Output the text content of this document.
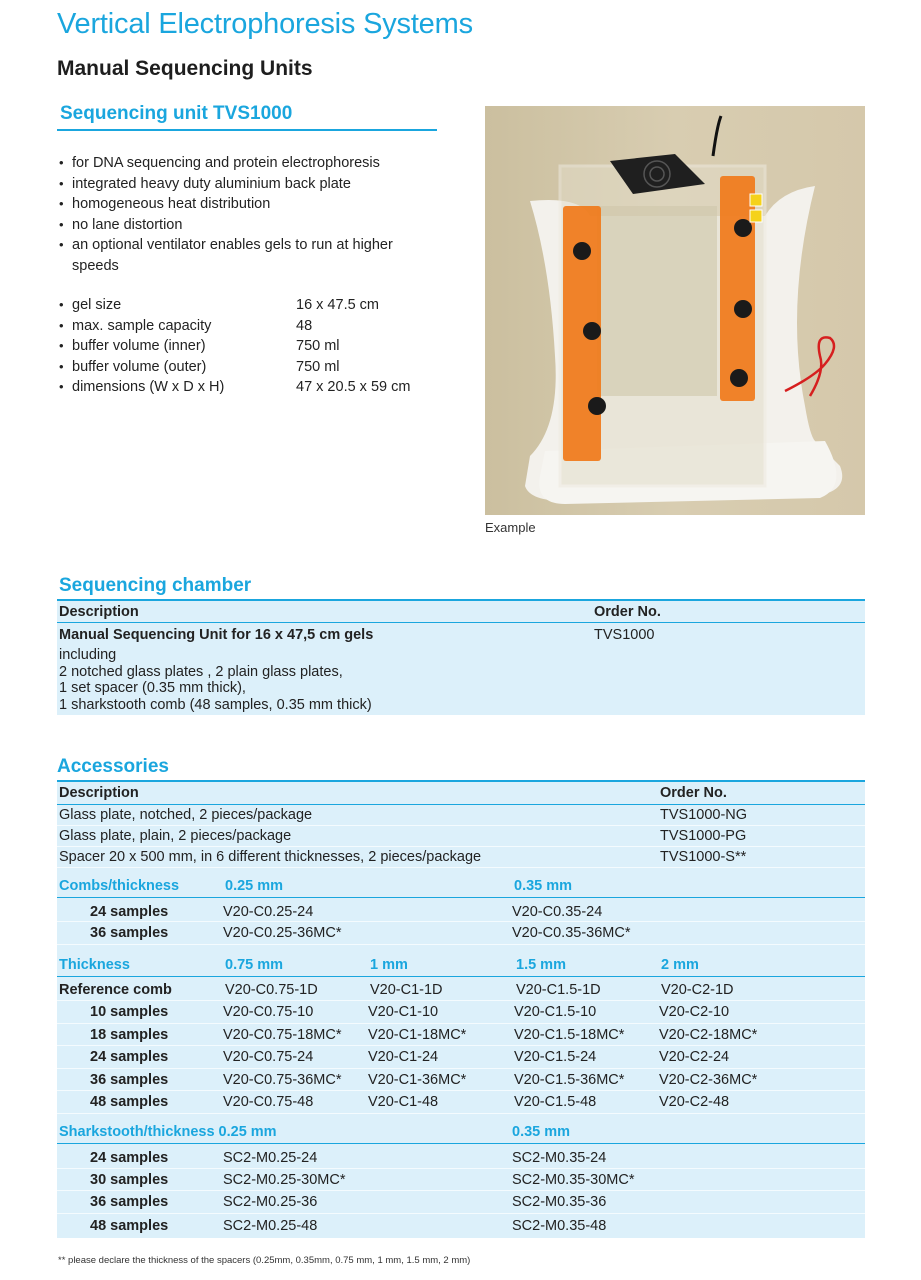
Vertical Electrophoresis Systems
Manual Sequencing Units
Sequencing unit TVS1000
• for DNA sequencing and protein electrophoresis
• integrated heavy duty aluminium back plate
• homogeneous heat distribution
• no lane distortion
• an optional ventilator enables gels to run at higher speeds
• gel size	16 x 47.5 cm
• max. sample capacity	48
• buffer volume (inner)	750 ml
• buffer volume (outer)	750 ml
• dimensions (W x D x H)	47 x 20.5 x 59 cm
Example
Sequencing chamber
Description	Order No.
Manual Sequencing Unit for 16 x 47,5 cm gels	TVS1000
including
2 notched glass plates , 2 plain glass plates,
1 set spacer (0.35 mm thick),
1 sharkstooth comb (48 samples, 0.35 mm thick)
Accessories
Description	Order No.
Glass plate, notched, 2 pieces/package	TVS1000-NG
Glass plate, plain, 2 pieces/package	TVS1000-PG
Spacer 20 x 500 mm, in 6 different thicknesses, 2 pieces/package	TVS1000-S**
Combs/thickness	0.25 mm	0.35 mm
24 samples	V20-C0.25-24	V20-C0.35-24
36 samples	V20-C0.25-36MC*	V20-C0.35-36MC*
Thickness	0.75 mm	1 mm	1.5 mm	2 mm
Reference comb	V20-C0.75-1D	V20-C1-1D	V20-C1.5-1D	V20-C2-1D
10 samples	V20-C0.75-10	V20-C1-10	V20-C1.5-10	V20-C2-10
18 samples	V20-C0.75-18MC*	V20-C1-18MC*	V20-C1.5-18MC*	V20-C2-18MC*
24 samples	V20-C0.75-24	V20-C1-24	V20-C1.5-24	V20-C2-24
36 samples	V20-C0.75-36MC*	V20-C1-36MC*	V20-C1.5-36MC*	V20-C2-36MC*
48 samples	V20-C0.75-48	V20-C1-48	V20-C1.5-48	V20-C2-48
Sharkstooth/thickness 0.25 mm	0.35 mm
24 samples	SC2-M0.25-24	SC2-M0.35-24
30 samples	SC2-M0.25-30MC*	SC2-M0.35-30MC*
36 samples	SC2-M0.25-36	SC2-M0.35-36
48 samples	SC2-M0.25-48	SC2-M0.35-48
** please declare the thickness of the spacers (0.25mm, 0.35mm, 0.75 mm, 1 mm, 1.5 mm, 2 mm)
